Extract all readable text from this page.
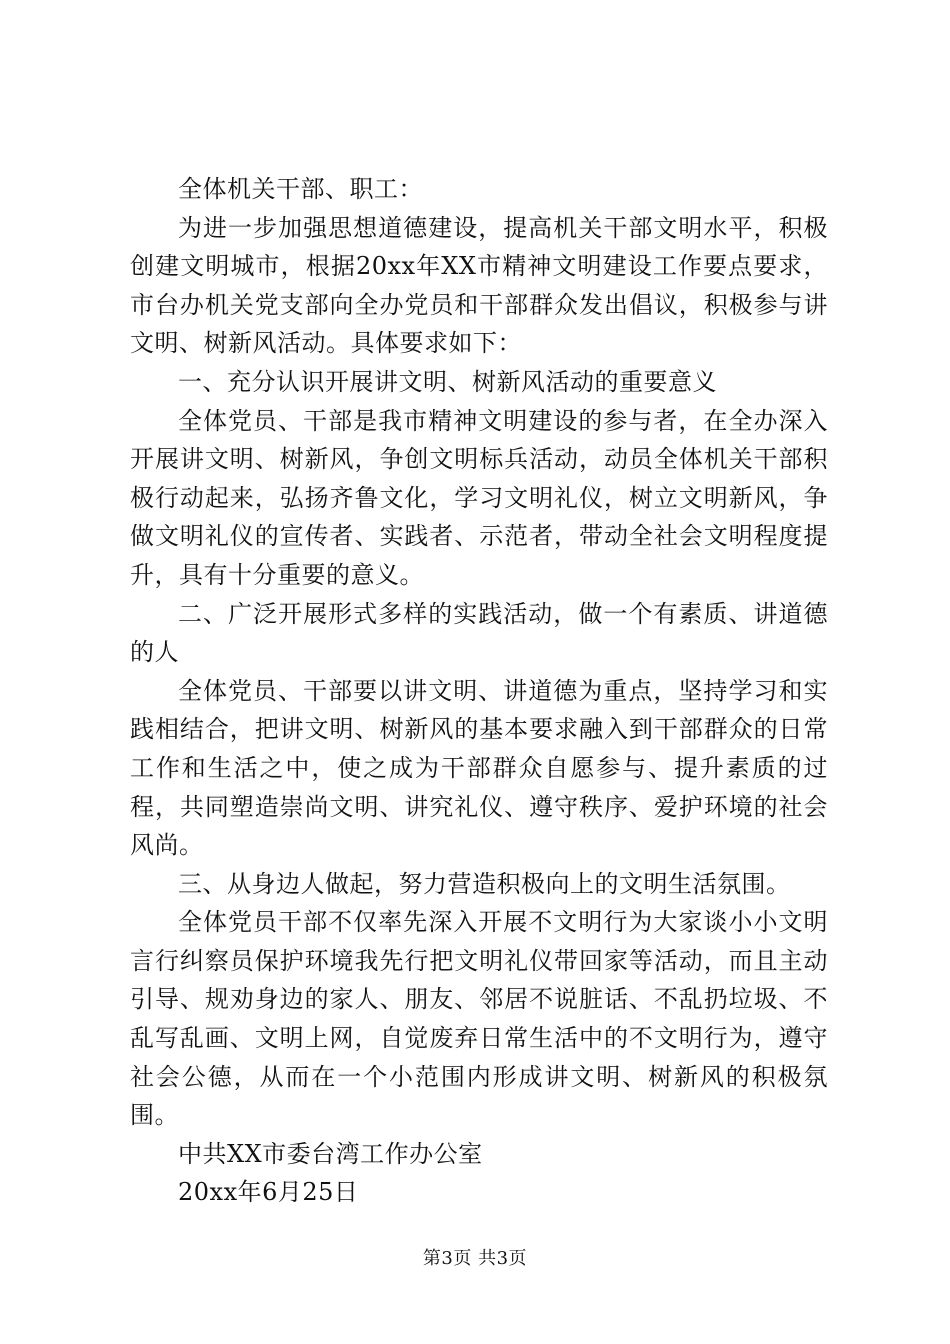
全体机关干部、职工：

为进一步加强思想道德建设，提高机关干部文明水平，积极创建文明城市，根据20xx年XX市精神文明建设工作要点要求，市台办机关党支部向全办党员和干部群众发出倡议，积极参与讲文明、树新风活动。具体要求如下：

一、充分认识开展讲文明、树新风活动的重要意义

全体党员、干部是我市精神文明建设的参与者，在全办深入开展讲文明、树新风，争创文明标兵活动，动员全体机关干部积极行动起来，弘扬齐鲁文化，学习文明礼仪，树立文明新风，争做文明礼仪的宣传者、实践者、示范者，带动全社会文明程度提升，具有十分重要的意义。

二、广泛开展形式多样的实践活动，做一个有素质、讲道德的人

全体党员、干部要以讲文明、讲道德为重点，坚持学习和实践相结合，把讲文明、树新风的基本要求融入到干部群众的日常工作和生活之中，使之成为干部群众自愿参与、提升素质的过程，共同塑造崇尚文明、讲究礼仪、遵守秩序、爱护环境的社会风尚。

三、从身边人做起，努力营造积极向上的文明生活氛围。

全体党员干部不仅率先深入开展不文明行为大家谈小小文明言行纠察员保护环境我先行把文明礼仪带回家等活动，而且主动引导、规劝身边的家人、朋友、邻居不说脏话、不乱扔垃圾、不乱写乱画、文明上网，自觉废弃日常生活中的不文明行为，遵守社会公德，从而在一个小范围内形成讲文明、树新风的积极氛围。

中共XX市委台湾工作办公室

20xx年6月25日

第3页 共3页
